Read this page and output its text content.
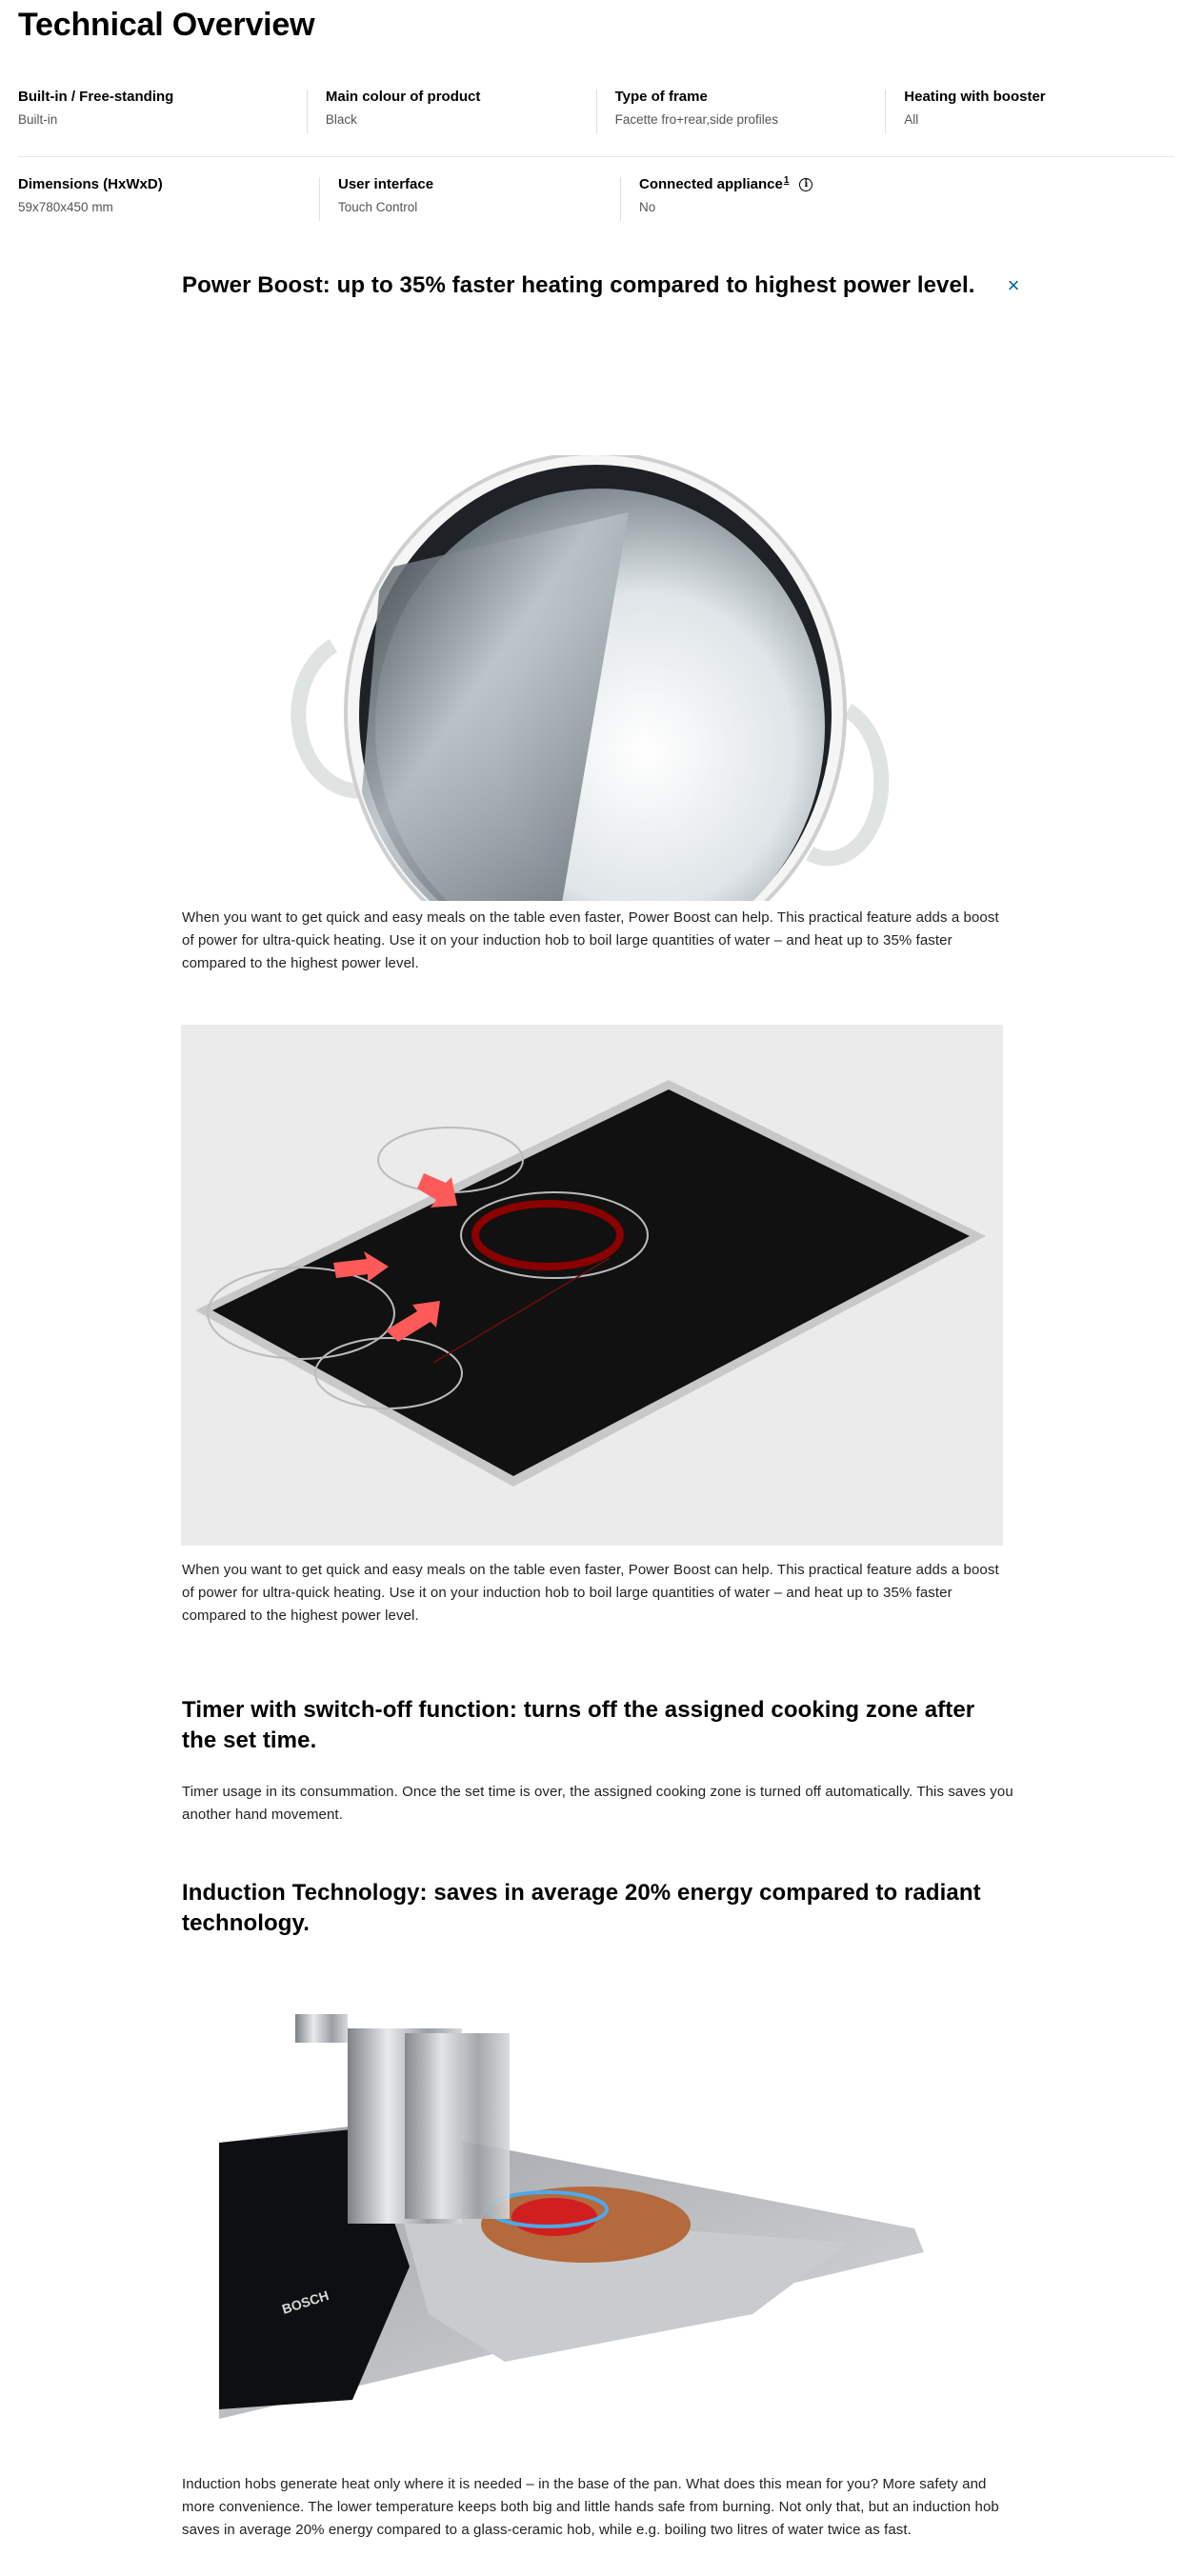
Technical Overview
Built-in / Free-standing
Built-in
Main colour of product
Black
Type of frame
Facette fro+rear,side profiles
Heating with booster
All
Dimensions (HxWxD)
59x780x450 mm
User interface
Touch Control
Connected appliance$^1$	i
No
Power Boost: up to 35% faster heating compared to highest power level.	×

When you want to get quick and easy meals on the table even faster, Power Boost can help. This practical feature adds a boost of power for ultra-quick heating. Use it on your induction hob to boil large quantities of water – and heat up to 35% faster compared to the highest power level.

When you want to get quick and easy meals on the table even faster, Power Boost can help. This practical feature adds a boost of power for ultra-quick heating. Use it on your induction hob to boil large quantities of water – and heat up to 35% faster compared to the highest power level.

Timer with switch-off function: turns off the assigned cooking zone after the set time.

Timer usage in its consummation. Once the set time is over, the assigned cooking zone is turned off automatically. This saves you another hand movement.

Induction Technology: saves in average 20% energy compared to radiant technology.
BOSCH

Induction hobs generate heat only where it is needed – in the base of the pan. What does this mean for you? More safety and more convenience. The lower temperature keeps both big and little hands safe from burning. Not only that, but an induction hob saves in average 20% energy compared to a glass-ceramic hob, while e.g. boiling two litres of water twice as fast.
